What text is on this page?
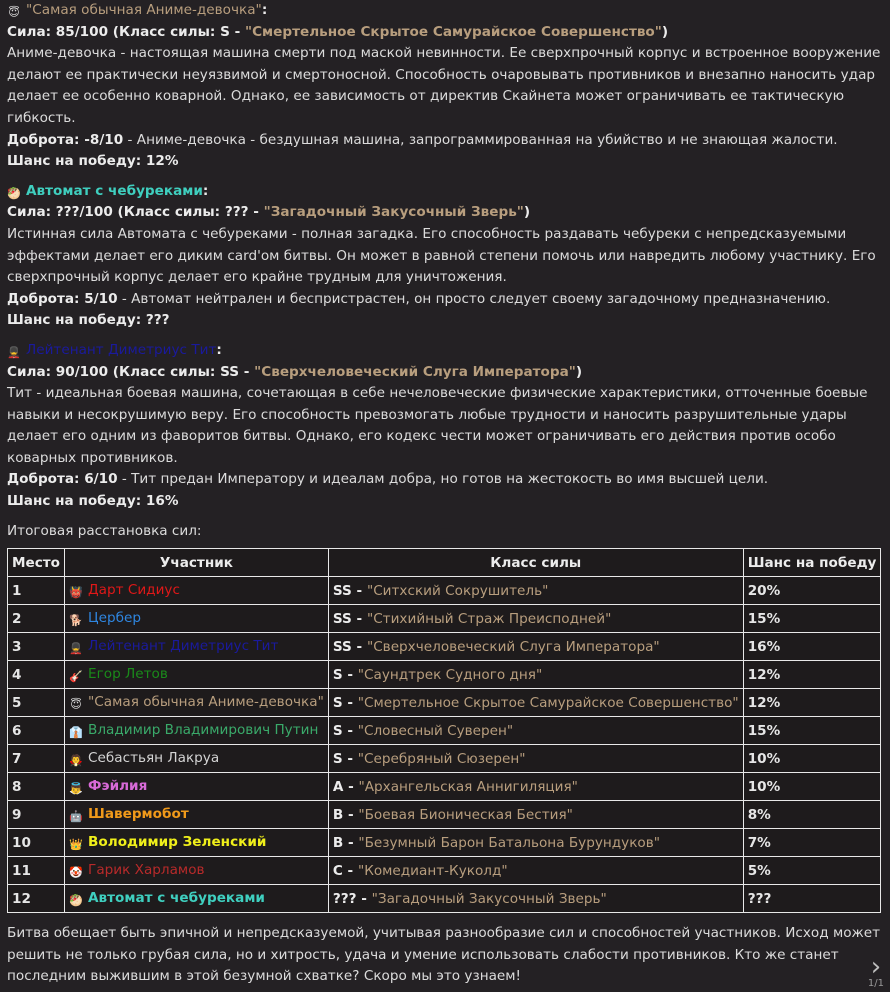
😇 "Самая обычная Аниме-девочка":
Сила: 85/100 (Класс силы: S - "Смертельное Скрытое Самурайское Совершенство")
Аниме-девочка - настоящая машина смерти под маской невинности. Ее сверхпрочный корпус и встроенное вооружение делают ее практически неуязвимой и смертоносной. Способность очаровывать противников и внезапно наносить удар делает ее особенно коварной. Однако, ее зависимость от директив Скайнета может ограничивать ее тактическую гибкость.
Доброта: -8/10 - Аниме-девочка - бездушная машина, запрограммированная на убийство и не знающая жалости.
Шанс на победу: 12%
🥙 Автомат с чебуреками:
Сила: ???/100 (Класс силы: ??? - "Загадочный Закусочный Зверь")
Истинная сила Автомата с чебуреками - полная загадка. Его способность раздавать чебуреки с непредсказуемыми эффектами делает его диким card'ом битвы. Он может в равной степени помочь или навредить любому участнику. Его сверхпрочный корпус делает его крайне трудным для уничтожения.
Доброта: 5/10 - Автомат нейтрален и беспристрастен, он просто следует своему загадочному предназначению.
Шанс на победу: ???
💂 Лейтенант Диметриус Тит:
Сила: 90/100 (Класс силы: SS - "Сверхчеловеческий Слуга Императора")
Тит - идеальная боевая машина, сочетающая в себе нечеловеческие физические характеристики, отточенные боевые навыки и несокрушимую веру. Его способность превозмогать любые трудности и наносить разрушительные удары делает его одним из фаворитов битвы. Однако, его кодекс чести может ограничивать его действия против особо коварных противников.
Доброта: 6/10 - Тит предан Императору и идеалам добра, но готов на жестокость во имя высшей цели.
Шанс на победу: 16%
Итоговая расстановка сил:
Место	Участник	Класс силы	Шанс на победу
1	👹 Дарт Сидиус	SS - "Ситхский Сокрушитель"	20%
2	🐕 Цербер	SS - "Стихийный Страж Преисподней"	15%
3	💂 Лейтенант Диметриус Тит	SS - "Сверхчеловеческий Слуга Императора"	16%
4	🎸 Егор Летов	S - "Саундтрек Судного дня"	12%
5	😇 "Самая обычная Аниме-девочка"	S - "Смертельное Скрытое Самурайское Совершенство"	12%
6	👔 Владимир Владимирович Путин	S - "Словесный Суверен"	15%
7	🧛 Себастьян Лакруа	S - "Серебряный Сюзерен"	10%
8	👼 Фэйлия	A - "Архангельская Аннигиляция"	10%
9	🤖 Шавермобот	B - "Боевая Бионическая Бестия"	8%
10	👑 Володимир Зеленский	B - "Безумный Барон Батальона Бурундуков"	7%
11	🤡 Гарик Харламов	C - "Комедиант-Куколд"	5%
12	🥙 Автомат с чебуреками	??? - "Загадочный Закусочный Зверь"	???
Битва обещает быть эпичной и непредсказуемой, учитывая разнообразие сил и способностей участников. Исход может решить не только грубая сила, но и хитрость, удача и умение использовать слабости противников. Кто же станет последним выжившим в этой безумной схватке? Скоро мы это узнаем!	›
1/1
